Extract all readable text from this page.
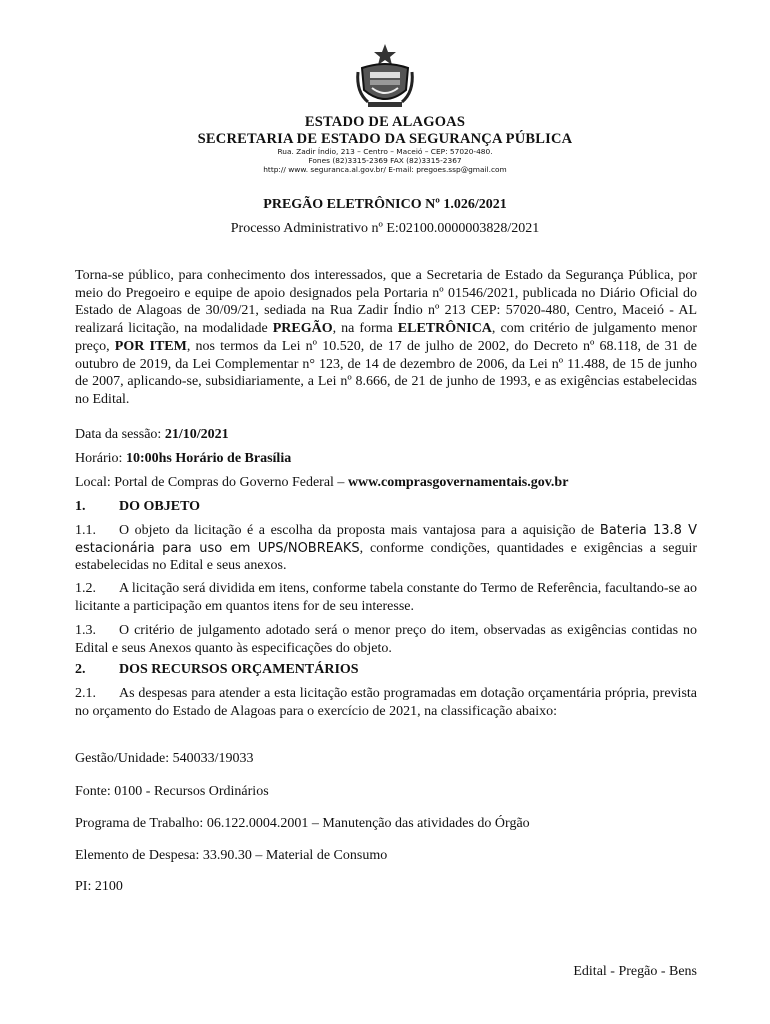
ESTADO DE ALAGOAS
SECRETARIA DE ESTADO DA SEGURANÇA PÚBLICA
Rua. Zadir Índio, 213 – Centro – Maceió – CEP: 57020-480.
Fones (82)3315-2369 FAX (82)3315-2367
http:// www. seguranca.al.gov.br/ E-mail: pregoes.ssp@gmail.com
PREGÃO ELETRÔNICO Nº 1.026/2021
Processo Administrativo nº E:02100.0000003828/2021
Torna-se público, para conhecimento dos interessados, que a Secretaria de Estado da Segurança Pública, por meio do Pregoeiro e equipe de apoio designados pela Portaria nº 01546/2021, publicada no Diário Oficial do Estado de Alagoas de 30/09/21, sediada na Rua Zadir Índio nº 213 CEP: 57020-480, Centro, Maceió - AL realizará licitação, na modalidade PREGÃO, na forma ELETRÔNICA, com critério de julgamento menor preço, POR ITEM, nos termos da Lei nº 10.520, de 17 de julho de 2002, do Decreto nº 68.118, de 31 de outubro de 2019, da Lei Complementar n° 123, de 14 de dezembro de 2006, da Lei nº 11.488, de 15 de junho de 2007, aplicando-se, subsidiariamente, a Lei nº 8.666, de 21 de junho de 1993, e as exigências estabelecidas no Edital.
Data da sessão: 21/10/2021
Horário: 10:00hs Horário de Brasília
Local: Portal de Compras do Governo Federal – www.comprasgovernamentais.gov.br
1. DO OBJETO
1.1. O objeto da licitação é a escolha da proposta mais vantajosa para a aquisição de Bateria 13.8 V estacionária para uso em UPS/NOBREAKS, conforme condições, quantidades e exigências a seguir estabelecidas no Edital e seus anexos.
1.2. A licitação será dividida em itens, conforme tabela constante do Termo de Referência, facultando-se ao licitante a participação em quantos itens for de seu interesse.
1.3. O critério de julgamento adotado será o menor preço do item, observadas as exigências contidas no Edital e seus Anexos quanto às especificações do objeto.
2. DOS RECURSOS ORÇAMENTÁRIOS
2.1. As despesas para atender a esta licitação estão programadas em dotação orçamentária própria, prevista no orçamento do Estado de Alagoas para o exercício de 2021, na classificação abaixo:
Gestão/Unidade: 540033/19033
Fonte: 0100 - Recursos Ordinários
Programa de Trabalho: 06.122.0004.2001 – Manutenção das atividades do Órgão
Elemento de Despesa: 33.90.30 – Material de Consumo
PI: 2100
Edital - Pregão - Bens
